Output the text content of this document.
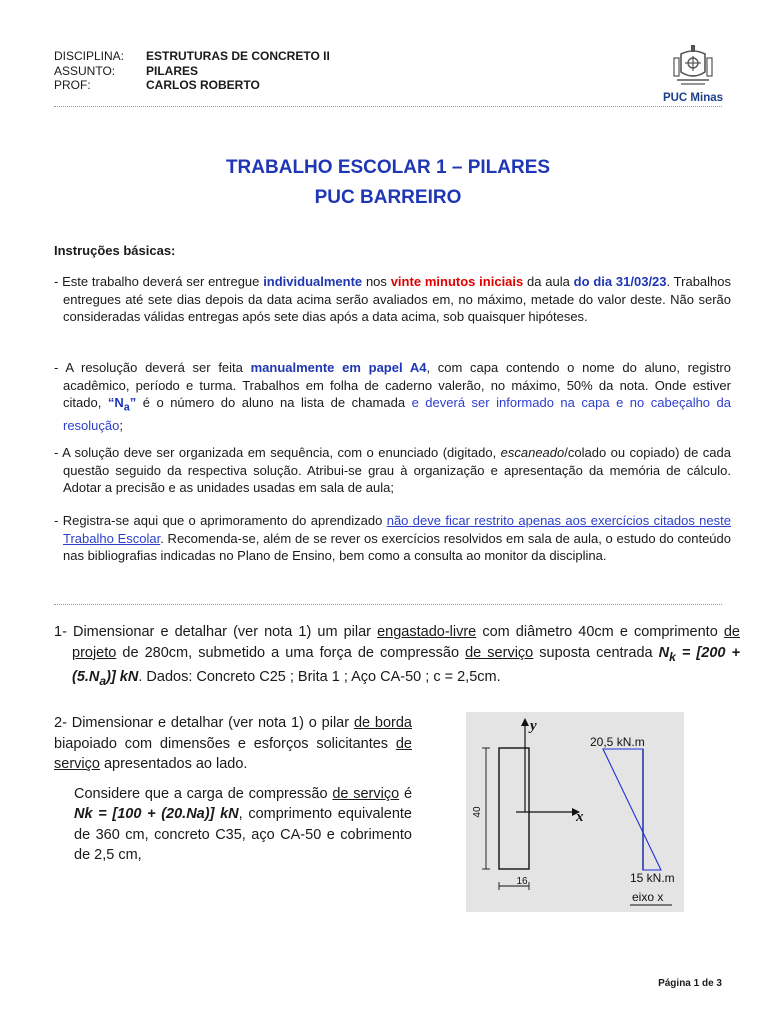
DISCIPLINA:	ESTRUTURAS DE CONCRETO II
ASSUNTO:	PILARES
PROF:	CARLOS ROBERTO
PUC Minas
TRABALHO ESCOLAR 1 – PILARES
PUC BARREIRO
Instruções básicas:
- Este trabalho deverá ser entregue individualmente nos vinte minutos iniciais da aula do dia 31/03/23. Trabalhos entregues até sete dias depois da data acima serão avaliados em, no máximo, metade do valor deste. Não serão consideradas válidas entregas após sete dias após a data acima, sob quaisquer hipóteses.
- A resolução deverá ser feita manualmente em papel A4, com capa contendo o nome do aluno, registro acadêmico, período e turma. Trabalhos em folha de caderno valerão, no máximo, 50% da nota. Onde estiver citado, “$N_a$” é o número do aluno na lista de chamada e deverá ser informado na capa e no cabeçalho da resolução;
- A solução deve ser organizada em sequência, com o enunciado (digitado, escaneado/colado ou copiado) de cada questão seguido da respectiva solução. Atribui-se grau à organização e apresentação da memória de cálculo. Adotar a precisão e as unidades usadas em sala de aula;
- Registra-se aqui que o aprimoramento do aprendizado não deve ficar restrito apenas aos exercícios citados neste Trabalho Escolar. Recomenda-se, além de se rever os exercícios resolvidos em sala de aula, o estudo do conteúdo nas bibliografias indicadas no Plano de Ensino, bem como a consulta ao monitor da disciplina.
1- Dimensionar e detalhar (ver nota 1) um pilar engastado-livre com diâmetro 40cm e comprimento de projeto de 280cm, submetido a uma força de compressão de serviço suposta centrada $N_k = [200 + (5.N_a)]$ kN. Dados: Concreto C25 ; Brita 1 ; Aço CA-50 ; c = 2,5cm.

2- Dimensionar e detalhar (ver nota 1) o pilar de borda biapoiado com dimensões e esforços solicitantes de serviço apresentados ao lado.

Considere que a carga de compressão de serviço é Nk = [100 + (20.Na)] kN, comprimento equivalente de 360 cm, concreto C35, aço CA-50 e cobrimento de 2,5 cm,

y
x
40
16
20,5 kN.m
15 kN.m
eixo x
Página 1 de 3
